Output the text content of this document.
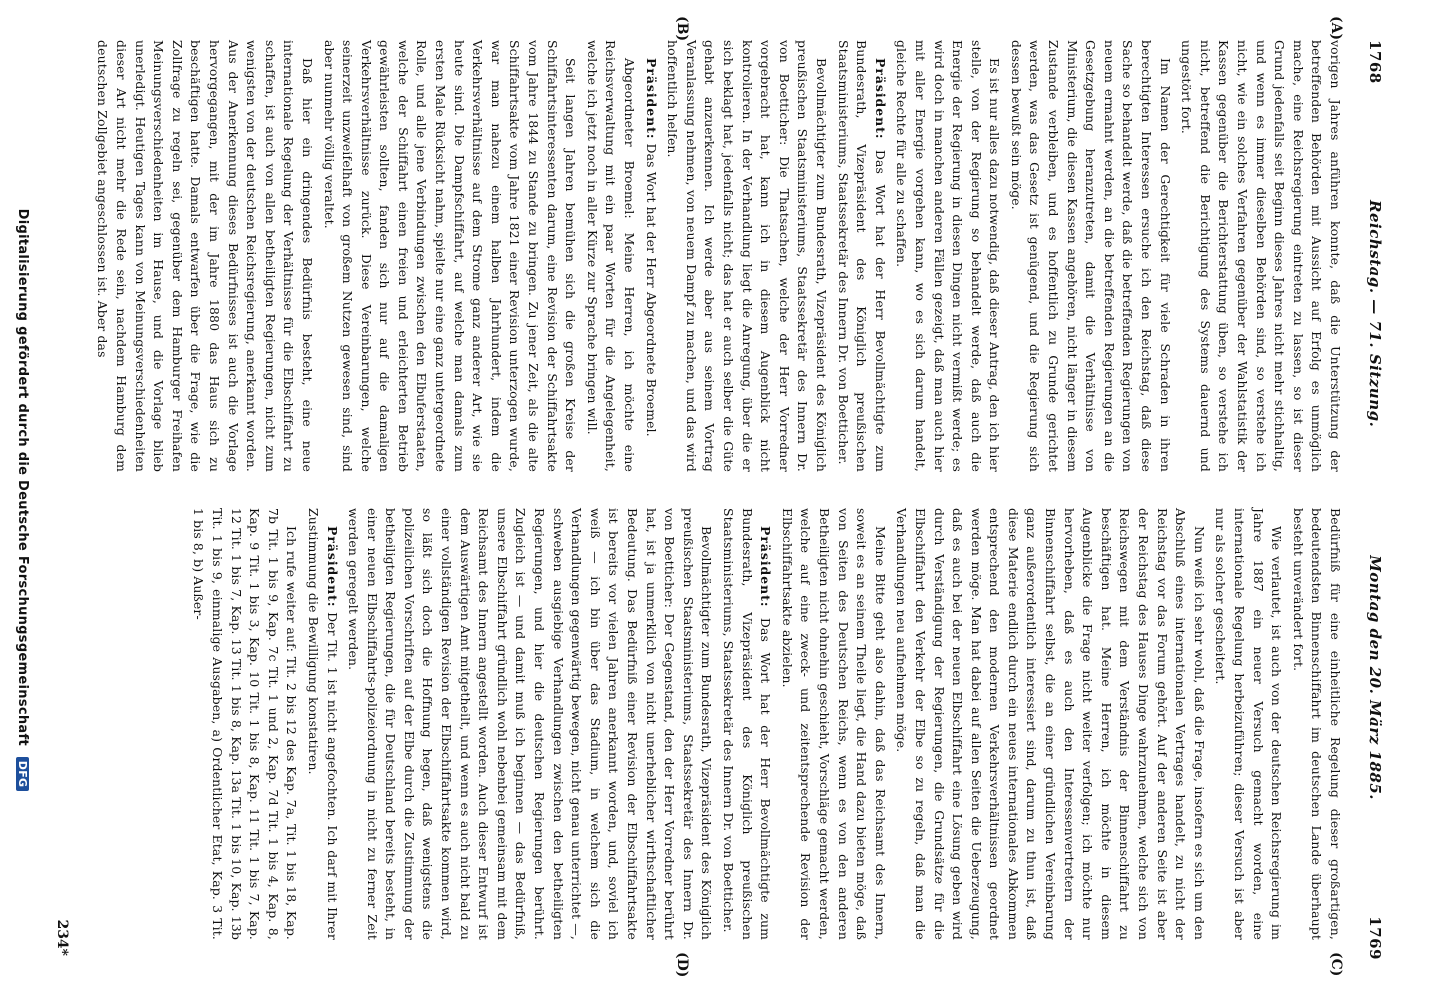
1768
Reichstag. — 71. Sitzung.
Montag den 20. März 1885.
1769
(A)
(B)
(C)
(D)

vorigen Jahres anführen konnte, daß die Unterstützung der betreffenden Behörden mit Aussicht auf Erfolg es unmöglich mache, eine Reichsregierung eintreten zu lassen, so ist dieser Grund jedenfalls seit Beginn dieses Jahres nicht mehr stichhaltig, und wenn es immer dieselben Behörden sind, so verstehe ich nicht, wie ein solches Verfahren gegenüber der Wahlstatistik der Kassen gegenüber die Berichterstattung üben, so verstehe ich nicht, betreffend die Berichtigung des Systems dauernd und ungestört fort.

Im Namen der Gerechtigkeit für viele Schraden in ihren berechtigten Interessen ersuche ich den Reichstag, daß diese Sache so behandelt werde, daß die betreffenden Regierungen von neuem ermahnt werden, an die betreffenden Regierungen an die Gesetzgebung heranzutreten, damit die Verhältnisse von Ministerium, die diesen Kassen angehören, nicht länger in diesem Zustande verbleiben, und es hoffentlich zu Grunde gerichtet werden, was das Gesetz ist genügend, und die Regierung sich dessen bewußt sein möge.

Es ist nur alles dazu notwendig, daß dieser Antrag, den ich hier stelle, von der Regierung so behandelt werde, daß auch die Energie der Regierung in diesen Dingen nicht vermißt werde; es wird doch in manchen anderen Fällen gezeigt, daß man auch hier mit aller Energie vorgehen kann, wo es sich darum handelt, gleiche Rechte für alle zu schaffen.

Präsident: Das Wort hat der Herr Bevollmächtigte zum Bundesrath, Vizepräsident des Königlich preußischen Staatsministeriums, Staatssekretär des Innern Dr. von Boetticher.

Bevollmächtigter zum Bundesrath, Vizepräsident des Königlich preußischen Staatsministeriums, Staatssekretär des Innern Dr. von Boetticher: Die Thatsachen, welche der Herr Vorredner vorgebracht hat, kann ich in diesem Augenblick nicht kontrolieren. In der Verhandlung liegt die Anregung, über die er sich beklagt hat, jedenfalls nicht; das hat er auch selber die Güte gehabt anzuerkennen. Ich werde aber aus seinem Vortrag Veranlassung nehmen, von neuem Dampf zu machen, und das wird hoffentlich helfen.

Präsident: Das Wort hat der Herr Abgeordnete Broemel.

Abgeordneter Broemel: Meine Herren, ich möchte eine Reichsverwaltung mit ein paar Worten für die Angelegenheit, welche ich jetzt noch in aller Kürze zur Sprache bringen will.

Seit langen Jahren bemühen sich die großen Kreise der Schiffahrtsinteressenten darum, eine Revision der Schiffahrtsakte vom Jahre 1844 zu Stande zu bringen. Zu jener Zeit, als die alte Schiffahrtsakte vom Jahre 1821 einer Revision unterzogen wurde, war man nahezu einem halben Jahrhundert, indem die Verkehrsverhältnisse auf dem Strome ganz anderer Art, wie sie heute sind. Die Dampfschiffahrt, auf welche man damals zum ersten Male Rücksicht nahm, spielte nur eine ganz untergeordnete Rolle, und alle jene Verbindungen zwischen den Elbuferstaaten, welche der Schiffahrt einen freien und erleichterten Betrieb gewährleisten sollten, fanden sich nur auf die damaligen Verkehrsverhältnisse zurück. Diese Vereinbarungen, welche seinerzeit unzweifelhaft von großem Nutzen gewesen sind, sind aber nunmehr völlig veraltet.

Daß hier ein dringendes Bedürfnis besteht, eine neue internationale Regelung der Verhältnisse für die Elbschiffahrt zu schaffen, ist auch von allen betheiligten Regierungen, nicht zum wenigsten von der deutschen Reichsregierung, anerkannt worden. Aus der Anerkennung dieses Bedürfnisses ist auch die Vorlage hervorgegangen, mit der im Jahre 1880 das Haus sich zu beschäftigen hatte. Damals entwarfen über die Frage, wie die Zollfrage zu regeln sei, gegenüber dem Hamburger Freihafen Meinungsverschiedenheiten im Hause, und die Vorlage blieb unerledigt. Heutigen Tages kann von Meinungsverschiedenheiten dieser Art nicht mehr die Rede sein, nachdem Hamburg dem deutschen Zollgebiet angeschlossen ist. Aber das

Bedürfniß für eine einheitliche Regelung dieser großartigen, bedeutendsten Binnenschiffahrt im deutschen Lande überhaupt besteht unverändert fort.

Wie verlautet, ist auch von der deutschen Reichsregierung im Jahre 1887 ein neuer Versuch gemacht worden, eine internationale Regelung herbeizuführen; dieser Versuch ist aber nur als solcher gescheitert.

Nun weiß ich sehr wohl, daß die Frage, insofern es sich um den Abschluß eines internationalen Vertrages handelt, zu nicht der Reichstag vor das Forum gehört. Auf der anderen Seite ist aber der Reichstag des Hauses Dinge wahrzunehmen, welche sich von Reichswegen mit dem Verständnis der Binnenschiffahrt zu beschäftigen hat. Meine Herren, ich möchte in diesem Augenblicke die Frage nicht weiter verfolgen; ich möchte nur hervorheben, daß es auch den Interessenvertretern der Binnenschiffahrt selbst, die an einer gründlichen Vereinbarung ganz außerordentlich interessiert sind, darum zu thun ist, daß diese Materie endlich durch ein neues internationales Abkommen entsprechend den modernen Verkehrsverhältnissen geordnet werden möge. Man hat dabei auf allen Seiten die Ueberzeugung, daß es auch bei der neuen Elbschiffahrt eine Lösung geben wird durch Verständigung der Regierungen, die Grundsätze für die Elbschiffahrt den Verkehr der Elbe so zu regeln, daß man die Verhandlungen neu aufnehmen möge.

Meine Bitte geht also dahin, daß das Reichsamt des Innern, soweit es an seinem Theile liegt, die Hand dazu bieten möge, daß von Seiten des Deutschen Reichs, wenn es von den anderen Betheiligten nicht ohnehin geschieht, Vorschläge gemacht werden, welche auf eine zweck- und zeitentsprechende Revision der Elbschiffahrtsakte abzielen.

Präsident: Das Wort hat der Herr Bevollmächtigte zum Bundesrath, Vizepräsident des Königlich preußischen Staatsministeriums, Staatssekretär des Innern Dr. von Boetticher.

Bevollmächtigter zum Bundesrath, Vizepräsident des Königlich preußischen Staatsministeriums, Staatssekretär des Innern Dr. von Boetticher: Der Gegenstand, den der Herr Vorredner berührt hat, ist ja unmerklich von nicht unerheblicher wirthschaftlicher Bedeutung. Das Bedürfniß einer Revision der Elbschiffahrtsakte ist bereits vor vielen Jahren anerkannt worden, und, soviel ich weiß — ich bin über das Stadium, in welchem sich die Verhandlungen gegenwärtig bewegen, nicht genau unterrichtet —, schweben ausgiebige Verhandlungen zwischen den betheiligten Regierungen, und hier die deutschen Regierungen berührt. Zugleich ist — und damit muß ich beginnen — das Bedürfniß, unsere Elbschiffahrt gründlich wohl nebenbei gemeinsam mit dem Reichsamt des Innern angestellt worden. Auch dieser Entwurf ist dem Auswärtigen Amt mitgetheilt, und wenn es auch nicht bald zu einer vollständigen Revision der Elbschiffahrtsakte kommen wird, so läßt sich doch die Hoffnung hegen, daß wenigstens die polizeilichen Vorschriften auf der Elbe durch die Zustimmung der betheiligten Regierungen, die für Deutschland bereits besteht, in einer neuen Elbschiffahrts-polizeiordnung in nicht zu ferner Zeit werden geregelt werden.

Präsident: Der Tit. 1 ist nicht angefochten. Ich darf mit Ihrer Zustimmung die Bewilligung konstatiren.

Ich rufe weiter auf: Tit. 2 bis 12 des Kap. 7a, Tit. 1 bis 18, Kap. 7b Tit. 1 bis 9, Kap. 7c Tit. 1 und 2, Kap. 7d Tit. 1 bis 4, Kap. 8, Kap. 9 Tit. 1 bis 3, Kap. 10 Tit. 1 bis 8, Kap. 11 Tit. 1 bis 7, Kap. 12 Tit. 1 bis 7, Kap. 13 Tit. 1 bis 8, Kap. 13a Tit. 1 bis 10, Kap. 13b Tit. 1 bis 9, einmalige Ausgaben, a) Ordentlicher Etat, Kap. 3 Tit. 1 bis 8, b) Außer-

234*
Digitalisierung gefördert durch die Deutsche Forschungsgemeinschaft DFG
